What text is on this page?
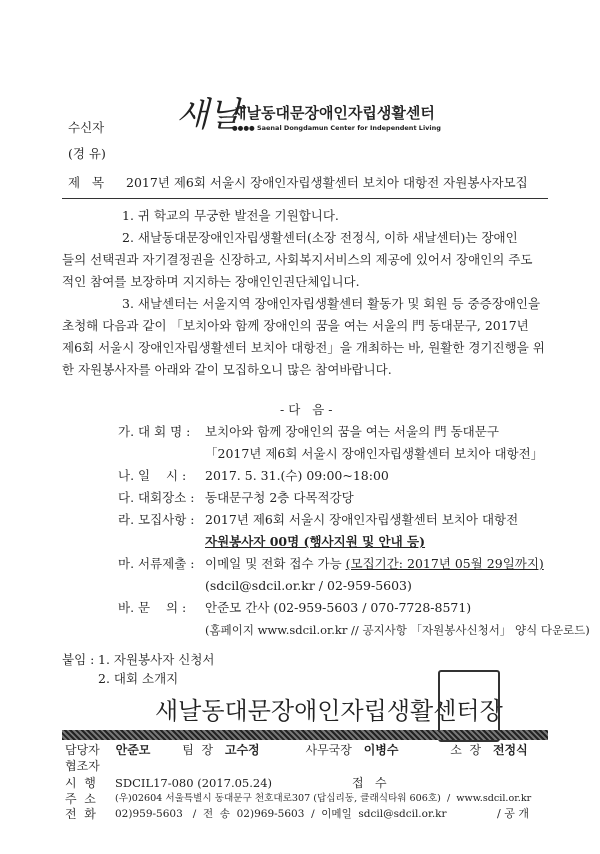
새날
새날동대문장애인자립생활센터
●●●● Saenal Dongdamun Center for Independent Living
수신자
(경 유)
제   목 2017년 제6회 서울시 장애인자립생활센터 보치아 대항전 자원봉사자모집
1. 귀 학교의 무궁한 발전을 기원합니다.
2. 새날동대문장애인자립생활센터(소장 전정식, 이하 새날센터)는 장애인
들의 선택권과 자기결정권을 신장하고, 사회복지서비스의 제공에 있어서 장애인의 주도
적인 참여를 보장하며 지지하는 장애인인권단체입니다.
3. 새날센터는 서울지역 장애인자립생활센터 활동가 및 회원 등 중증장애인을
초청해 다음과 같이 「보치아와 함께 장애인의 꿈을 여는 서울의 門 동대문구, 2017년
제6회 서울시 장애인자립생활센터 보치아 대항전」을 개최하는 바, 원활한 경기진행을 위
한 자원봉사자를 아래와 같이 모집하오니 많은 참여바랍니다.
- 다   음 -
가. 대 회 명 : 보치아와 함께 장애인의 꿈을 여는 서울의 門 동대문구
「2017년 제6회 서울시 장애인자립생활센터 보치아 대항전」
나. 일    시 : 2017. 5. 31.(수) 09:00~18:00
다. 대회장소 : 동대문구청 2층 다목적강당
라. 모집사항 : 2017년 제6회 서울시 장애인자립생활센터 보치아 대항전
자원봉사자 00명 (행사지원 및 안내 등)
마. 서류제출 : 이메일 및 전화 접수 가능 (모집기간: 2017년 05월 29일까지)
(sdcil@sdcil.or.kr / 02-959-5603)
바. 문    의 : 안준모 간사 (02-959-5603 / 070-7728-8571)
(홈페이지 www.sdcil.or.kr // 공지사항 「자원봉사신청서」 양식 다운로드)
붙임 : 1. 자원봉사자 신청서
2. 대회 소개지
새날동대문장애인자립생활센터장
담당자 안준모	팀  장 고수정	사무국장 이병수	소  장 전정식
협조자
시  행 SDCIL17-080 (2017.05.24)	접   수
주  소 (우)02604 서울특별시 동대문구 천호대로307 (답십리동, 클래식타워 606호)  /  www.sdcil.or.kr
전  화 02)959-5603   /  전  송  02)969-5603  /  이메일  sdcil@sdcil.or.kr	/ 공 개
